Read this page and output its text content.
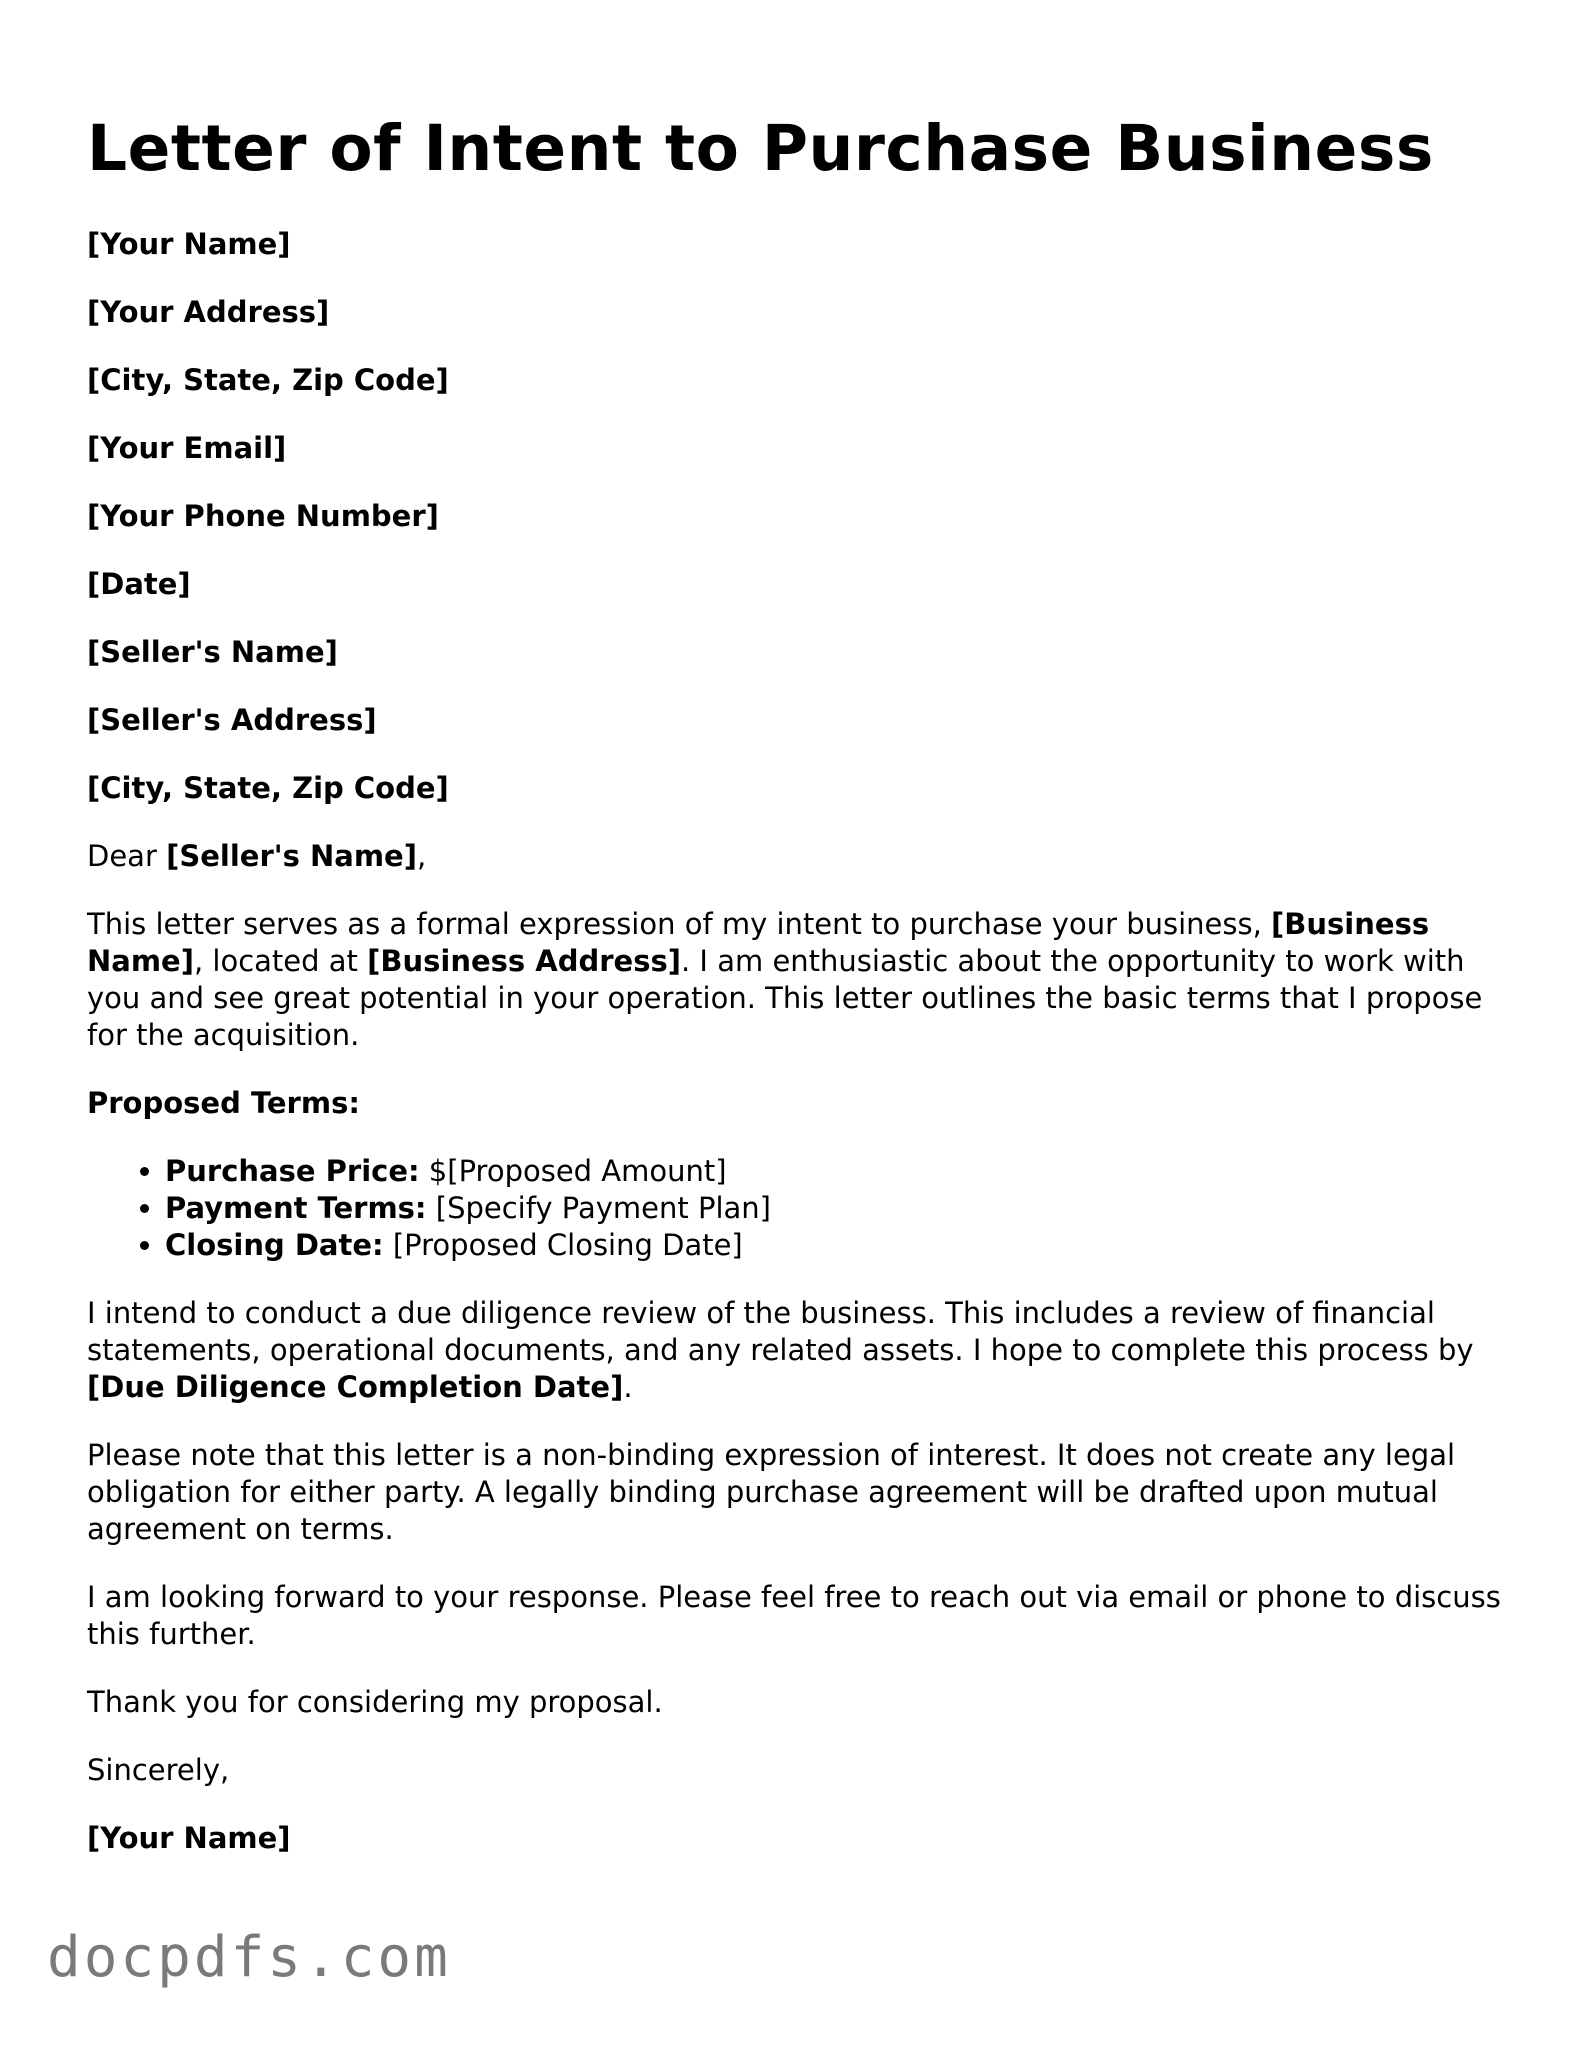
Letter of Intent to Purchase Business

[Your Name]

[Your Address]

[City, State, Zip Code]

[Your Email]

[Your Phone Number]

[Date]

[Seller's Name]

[Seller's Address]

[City, State, Zip Code]

Dear [Seller's Name],

This letter serves as a formal expression of my intent to purchase your business, [Business Name], located at [Business Address]. I am enthusiastic about the opportunity to work with you and see great potential in your operation. This letter outlines the basic terms that I propose for the acquisition.

Proposed Terms:

• Purchase Price: $[Proposed Amount]
• Payment Terms: [Specify Payment Plan]
• Closing Date: [Proposed Closing Date]

I intend to conduct a due diligence review of the business. This includes a review of financial statements, operational documents, and any related assets. I hope to complete this process by [Due Diligence Completion Date].

Please note that this letter is a non-binding expression of interest. It does not create any legal obligation for either party. A legally binding purchase agreement will be drafted upon mutual agreement on terms.

I am looking forward to your response. Please feel free to reach out via email or phone to discuss this further.

Thank you for considering my proposal.

Sincerely,

[Your Name]

docpdfs.com
